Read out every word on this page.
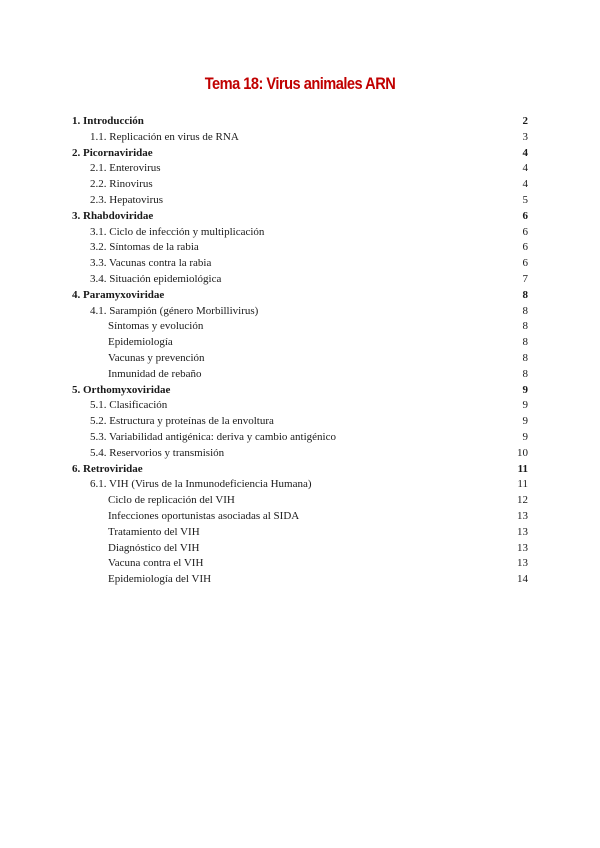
Tema 18: Virus animales ARN
1. Introducción	2
1.1. Replicación en virus de RNA	3
2. Picornaviridae	4
2.1. Enterovirus	4
2.2. Rinovirus	4
2.3. Hepatovirus	5
3. Rhabdoviridae	6
3.1. Ciclo de infección y multiplicación	6
3.2. Síntomas de la rabia	6
3.3. Vacunas contra la rabia	6
3.4. Situación epidemiológica	7
4. Paramyxoviridae	8
4.1. Sarampión (género Morbillivirus)	8
Síntomas y evolución	8
Epidemiología	8
Vacunas y prevención	8
Inmunidad de rebaño	8
5. Orthomyxoviridae	9
5.1. Clasificación	9
5.2. Estructura y proteínas de la envoltura	9
5.3. Variabilidad antigénica: deriva y cambio antigénico	9
5.4. Reservorios y transmisión	10
6. Retroviridae	11
6.1. VIH (Virus de la Inmunodeficiencia Humana)	11
Ciclo de replicación del VIH	12
Infecciones oportunistas asociadas al SIDA	13
Tratamiento del VIH	13
Diagnóstico del VIH	13
Vacuna contra el VIH	13
Epidemiología del VIH	14
